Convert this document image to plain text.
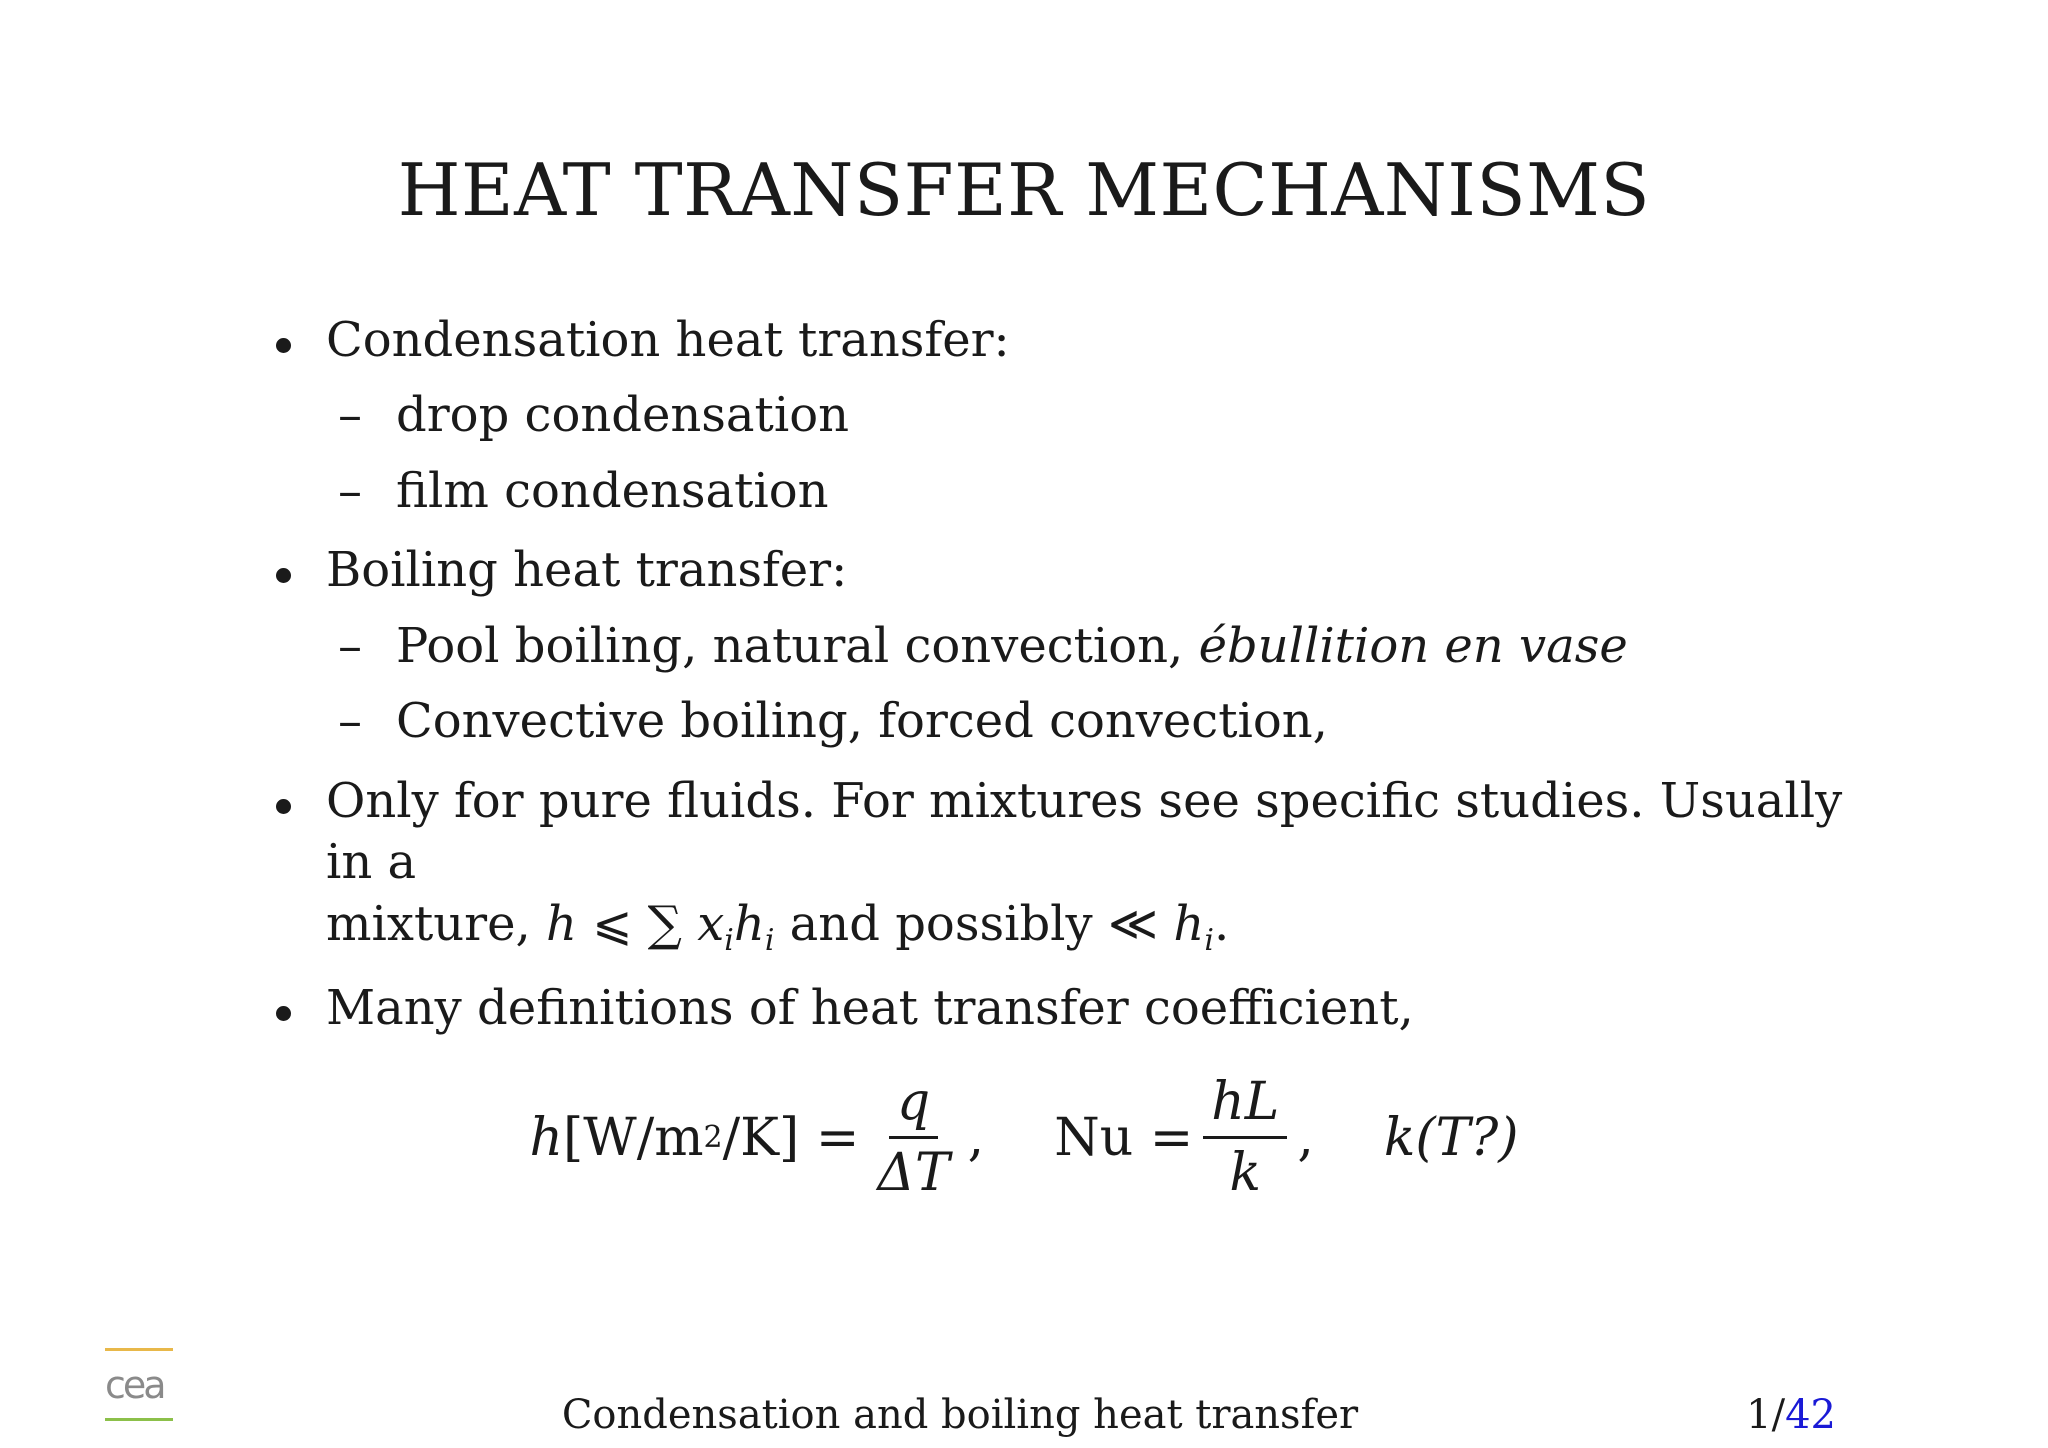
HEAT TRANSFER MECHANISMS
Condensation heat transfer:
– drop condensation
– film condensation
Boiling heat transfer:
– Pool boiling, natural convection, ébullition en vase
– Convective boiling, forced convection,
Only for pure fluids. For mixtures see specific studies. Usually in a
mixture, h ⩽ ∑ $x_ih_i$ and possibly ≪ $h_i$.
Many definitions of heat transfer coefficient,
h [W/m 2 $/K] = \frac{q}{\Delta T}$ , $Nu = \frac{hL}{k}$ , k(T?)
cea
Condensation and boiling heat transfer	1/42
